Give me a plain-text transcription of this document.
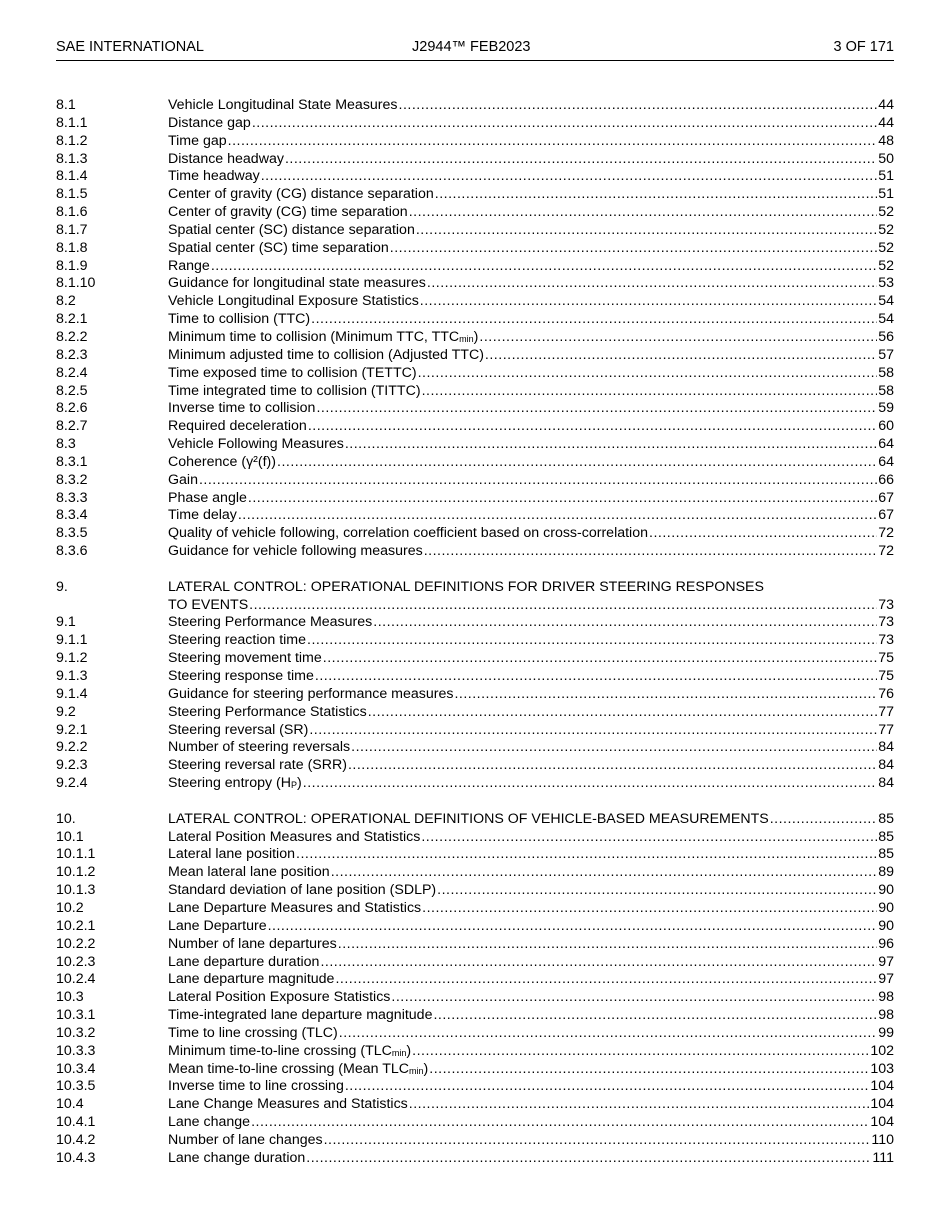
SAE INTERNATIONAL	J2944™ FEB2023	3 OF 171
8.1	Vehicle Longitudinal State Measures .....	44
8.1.1	Distance gap .....	44
8.1.2	Time gap .....	48
8.1.3	Distance headway .....	50
8.1.4	Time headway .....	51
8.1.5	Center of gravity (CG) distance separation .....	51
8.1.6	Center of gravity (CG) time separation .....	52
8.1.7	Spatial center (SC) distance separation .....	52
8.1.8	Spatial center (SC) time separation .....	52
8.1.9	Range .....	52
8.1.10	Guidance for longitudinal state measures .....	53
8.2	Vehicle Longitudinal Exposure Statistics .....	54
8.2.1	Time to collision (TTC) .....	54
8.2.2	Minimum time to collision (Minimum TTC, $TTC_{min}$) .....	56
8.2.3	Minimum adjusted time to collision (Adjusted TTC) .....	57
8.2.4	Time exposed time to collision (TETTC) .....	58
8.2.5	Time integrated time to collision (TITTC) .....	58
8.2.6	Inverse time to collision .....	59
8.2.7	Required deceleration .....	60
8.3	Vehicle Following Measures .....	64
8.3.1	Coherence (γ²(f)) .....	64
8.3.2	Gain .....	66
8.3.3	Phase angle .....	67
8.3.4	Time delay .....	67
8.3.5	Quality of vehicle following, correlation coefficient based on cross-correlation .....	72
8.3.6	Guidance for vehicle following measures .....	72
9.	LATERAL CONTROL: OPERATIONAL DEFINITIONS FOR DRIVER STEERING RESPONSES
TO EVENTS .....	73
9.1	Steering Performance Measures .....	73
9.1.1	Steering reaction time .....	73
9.1.2	Steering movement time .....	75
9.1.3	Steering response time .....	75
9.1.4	Guidance for steering performance measures .....	76
9.2	Steering Performance Statistics .....	77
9.2.1	Steering reversal (SR) .....	77
9.2.2	Number of steering reversals .....	84
9.2.3	Steering reversal rate (SRR) .....	84
9.2.4	Steering entropy $(H_P)$ .....	84
10.	LATERAL CONTROL: OPERATIONAL DEFINITIONS OF VEHICLE-BASED MEASUREMENTS .....	85
10.1	Lateral Position Measures and Statistics .....	85
10.1.1	Lateral lane position .....	85
10.1.2	Mean lateral lane position .....	89
10.1.3	Standard deviation of lane position (SDLP) .....	90
10.2	Lane Departure Measures and Statistics .....	90
10.2.1	Lane Departure .....	90
10.2.2	Number of lane departures .....	96
10.2.3	Lane departure duration .....	97
10.2.4	Lane departure magnitude .....	97
10.3	Lateral Position Exposure Statistics .....	98
10.3.1	Time-integrated lane departure magnitude .....	98
10.3.2	Time to line crossing (TLC) .....	99
10.3.3	Minimum time-to-line crossing $(TLC_{min})$ .....	102
10.3.4	Mean time-to-line crossing (Mean $TLC_{min}$) .....	103
10.3.5	Inverse time to line crossing .....	104
10.4	Lane Change Measures and Statistics .....	104
10.4.1	Lane change .....	104
10.4.2	Number of lane changes .....	110
10.4.3	Lane change duration .....	111
